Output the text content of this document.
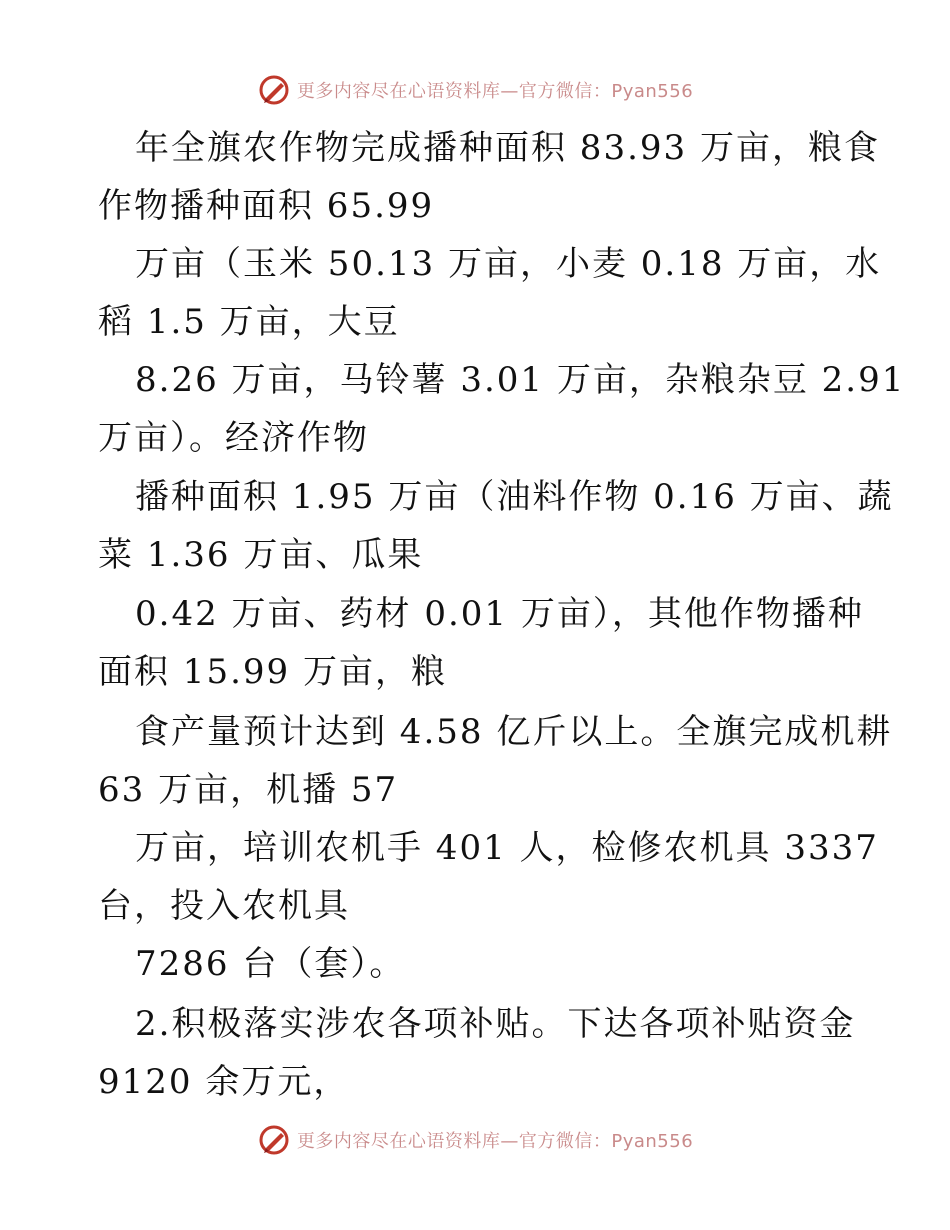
更多内容尽在心语资料库—官方微信：Pyan556
年全旗农作物完成播种面积 83.93 万亩，粮食
作物播种面积 65.99
万亩（玉米 50.13 万亩，小麦 0.18 万亩，水
稻 1.5 万亩，大豆
8.26 万亩，马铃薯 3.01 万亩，杂粮杂豆 2.91
万亩）。经济作物
播种面积 1.95 万亩（油料作物 0.16 万亩、蔬
菜 1.36 万亩、瓜果
0.42 万亩、药材 0.01 万亩），其他作物播种
面积 15.99 万亩，粮
食产量预计达到 4.58 亿斤以上。全旗完成机耕
63 万亩，机播 57
万亩，培训农机手 401 人，检修农机具 3337
台，投入农机具
7286 台（套）。
2.积极落实涉农各项补贴。下达各项补贴资金
9120 余万元，
更多内容尽在心语资料库—官方微信：Pyan556
